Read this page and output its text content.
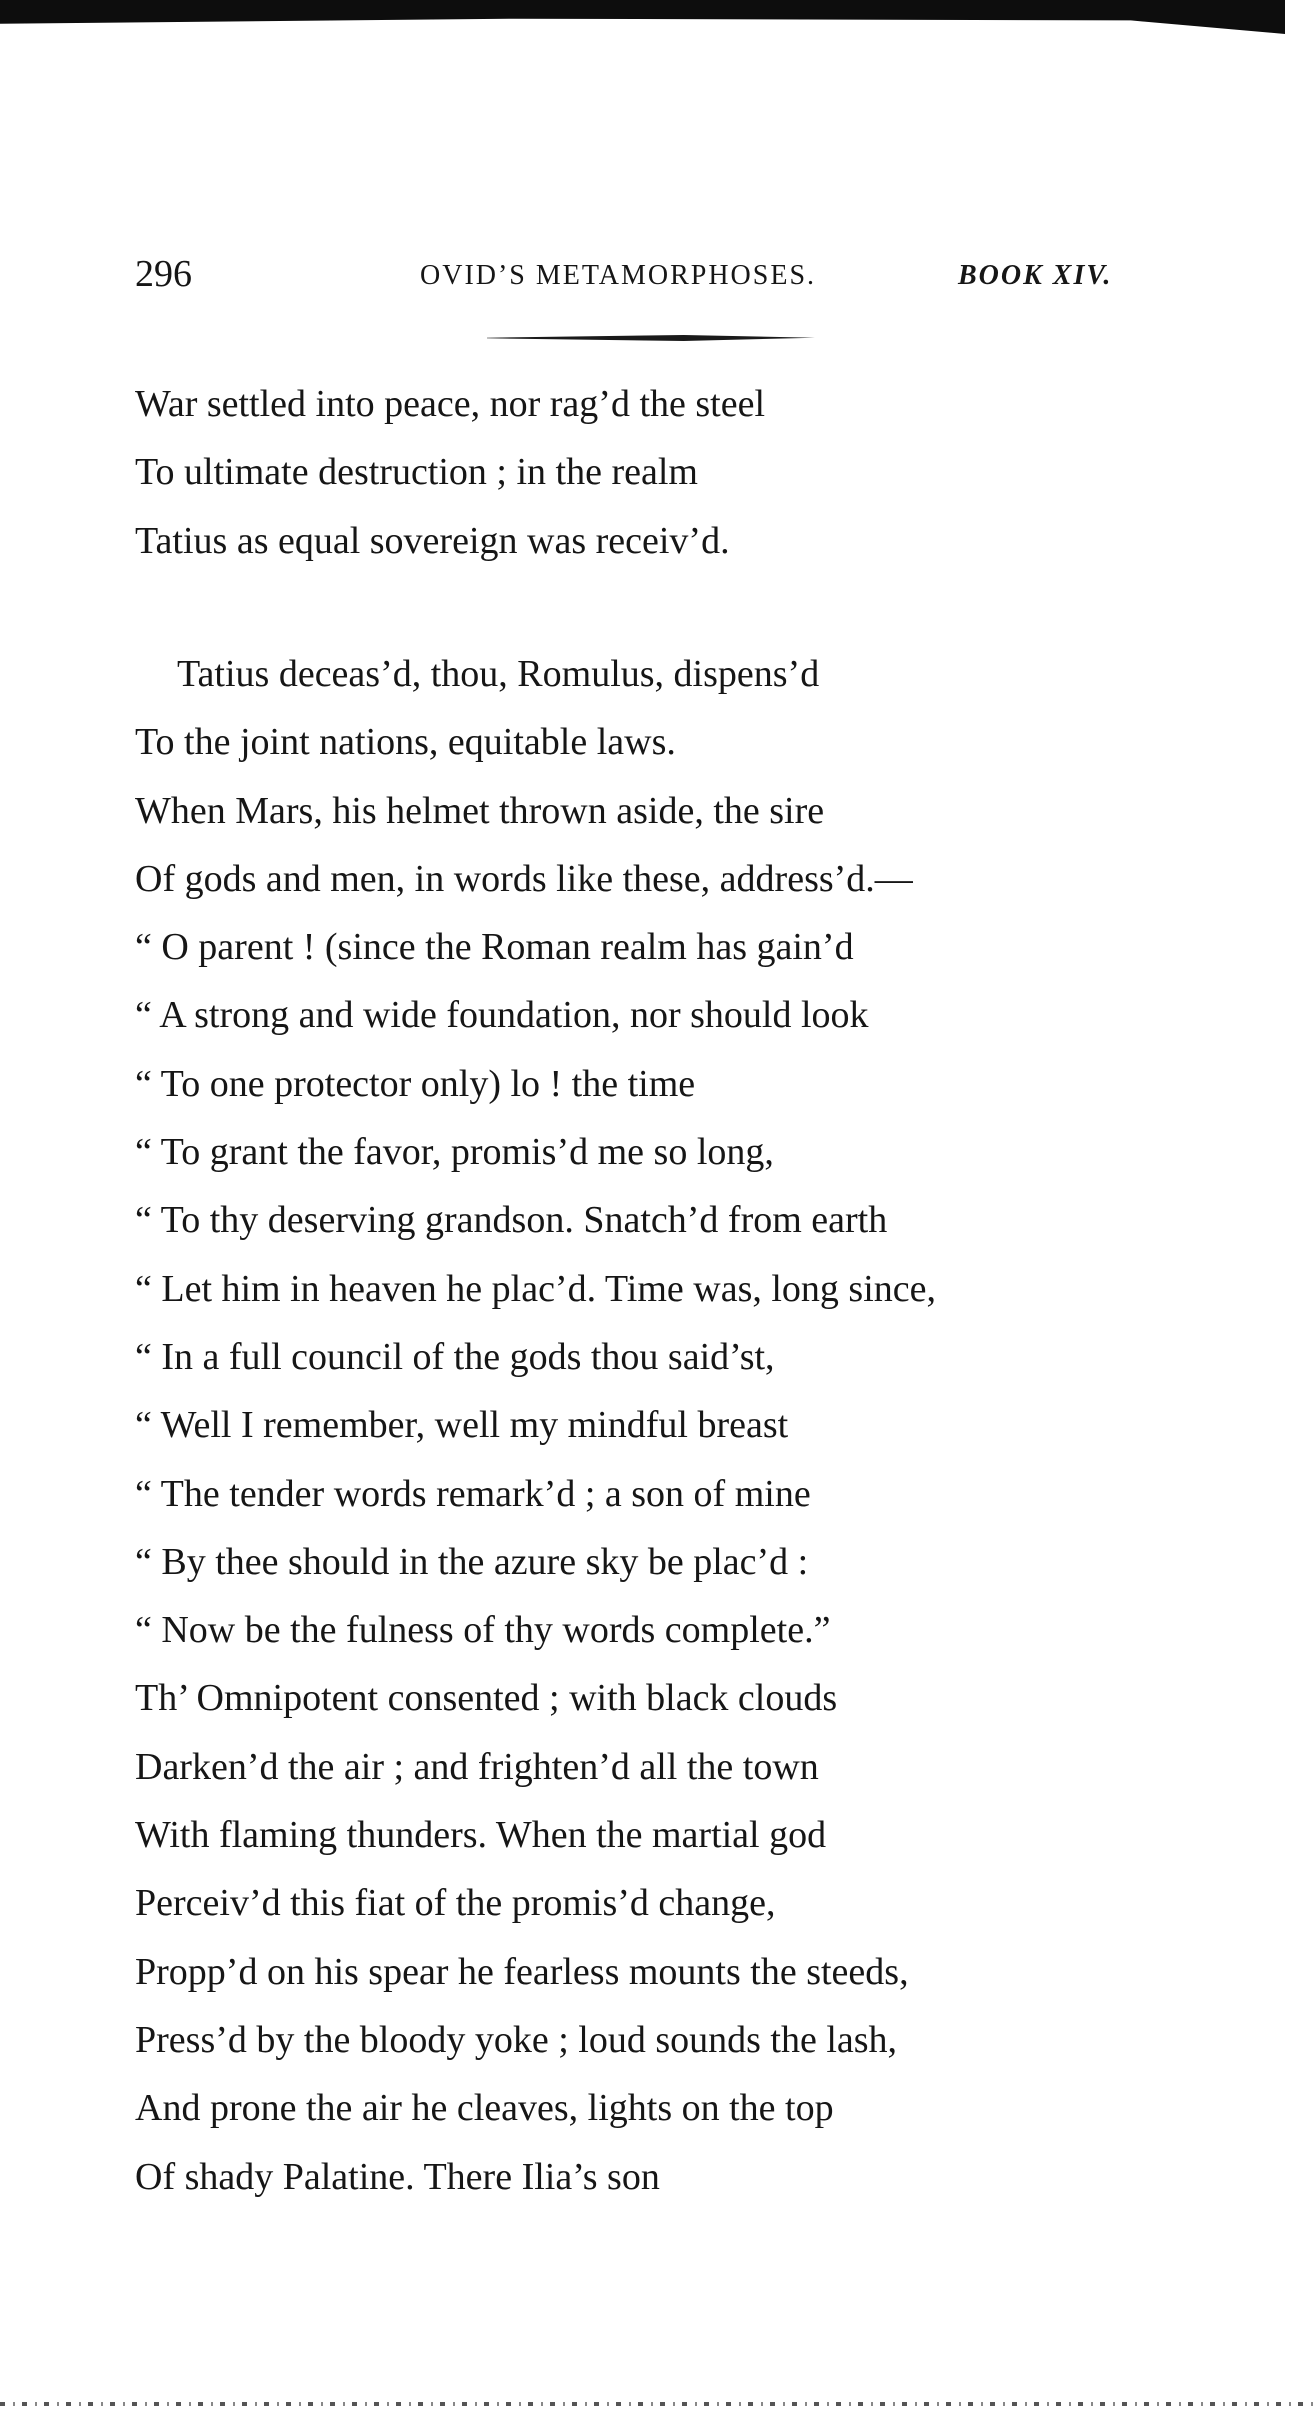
296	OVID’S METAMORPHOSES.	BOOK XIV.
War settled into peace, nor rag’d the steel
To ultimate destruction ; in the realm
Tatius as equal sovereign was receiv’d.
Tatius deceas’d, thou, Romulus, dispens’d
To the joint nations, equitable laws.
When Mars, his helmet thrown aside, the sire
Of gods and men, in words like these, address’d.—
“ O parent ! (since the Roman realm has gain’d
“ A strong and wide foundation, nor should look
“ To one protector only) lo ! the time
“ To grant the favor, promis’d me so long,
“ To thy deserving grandson. Snatch’d from earth
“ Let him in heaven he plac’d. Time was, long since,
“ In a full council of the gods thou said’st,
“ Well I remember, well my mindful breast
“ The tender words remark’d ; a son of mine
“ By thee should in the azure sky be plac’d :
“ Now be the fulness of thy words complete.”
Th’ Omnipotent consented ; with black clouds
Darken’d the air ; and frighten’d all the town
With flaming thunders. When the martial god
Perceiv’d this fiat of the promis’d change,
Propp’d on his spear he fearless mounts the steeds,
Press’d by the bloody yoke ; loud sounds the lash,
And prone the air he cleaves, lights on the top
Of shady Palatine. There Ilia’s son
